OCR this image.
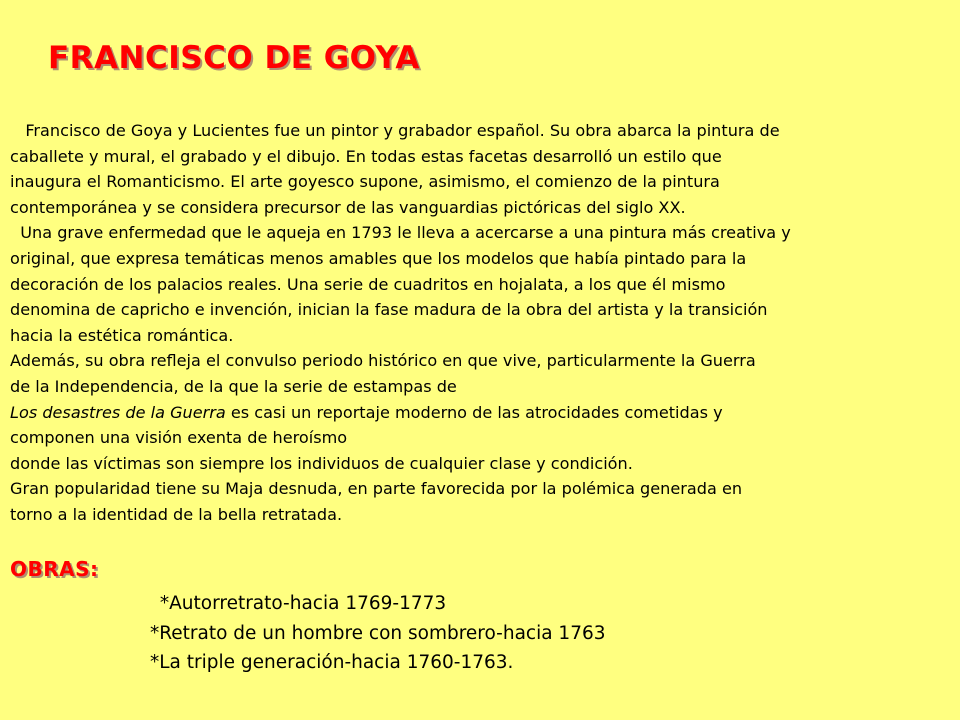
FRANCISCO DE GOYA
Francisco de Goya y Lucientes fue un pintor y grabador español. Su obra abarca la pintura de
caballete y mural, el grabado y el dibujo. En todas estas facetas desarrolló un estilo que
inaugura el Romanticismo. El arte goyesco supone, asimismo, el comienzo de la pintura
contemporánea y se considera precursor de las vanguardias pictóricas del siglo XX.
Una grave enfermedad que le aqueja en 1793 le lleva a acercarse a una pintura más creativa y
original, que expresa temáticas menos amables que los modelos que había pintado para la
decoración de los palacios reales. Una serie de cuadritos en hojalata, a los que él mismo
denomina de capricho e invención, inician la fase madura de la obra del artista y la transición
hacia la estética romántica.
Además, su obra refleja el convulso periodo histórico en que vive, particularmente la Guerra
de la Independencia, de la que la serie de estampas de
Los desastres de la Guerra es casi un reportaje moderno de las atrocidades cometidas y
componen una visión exenta de heroísmo
donde las víctimas son siempre los individuos de cualquier clase y condición.
Gran popularidad tiene su Maja desnuda, en parte favorecida por la polémica generada en
torno a la identidad de la bella retratada.
OBRAS:
*Autorretrato-hacia 1769-1773
*Retrato de un hombre con sombrero-hacia 1763
*La triple generación-hacia 1760-1763.
